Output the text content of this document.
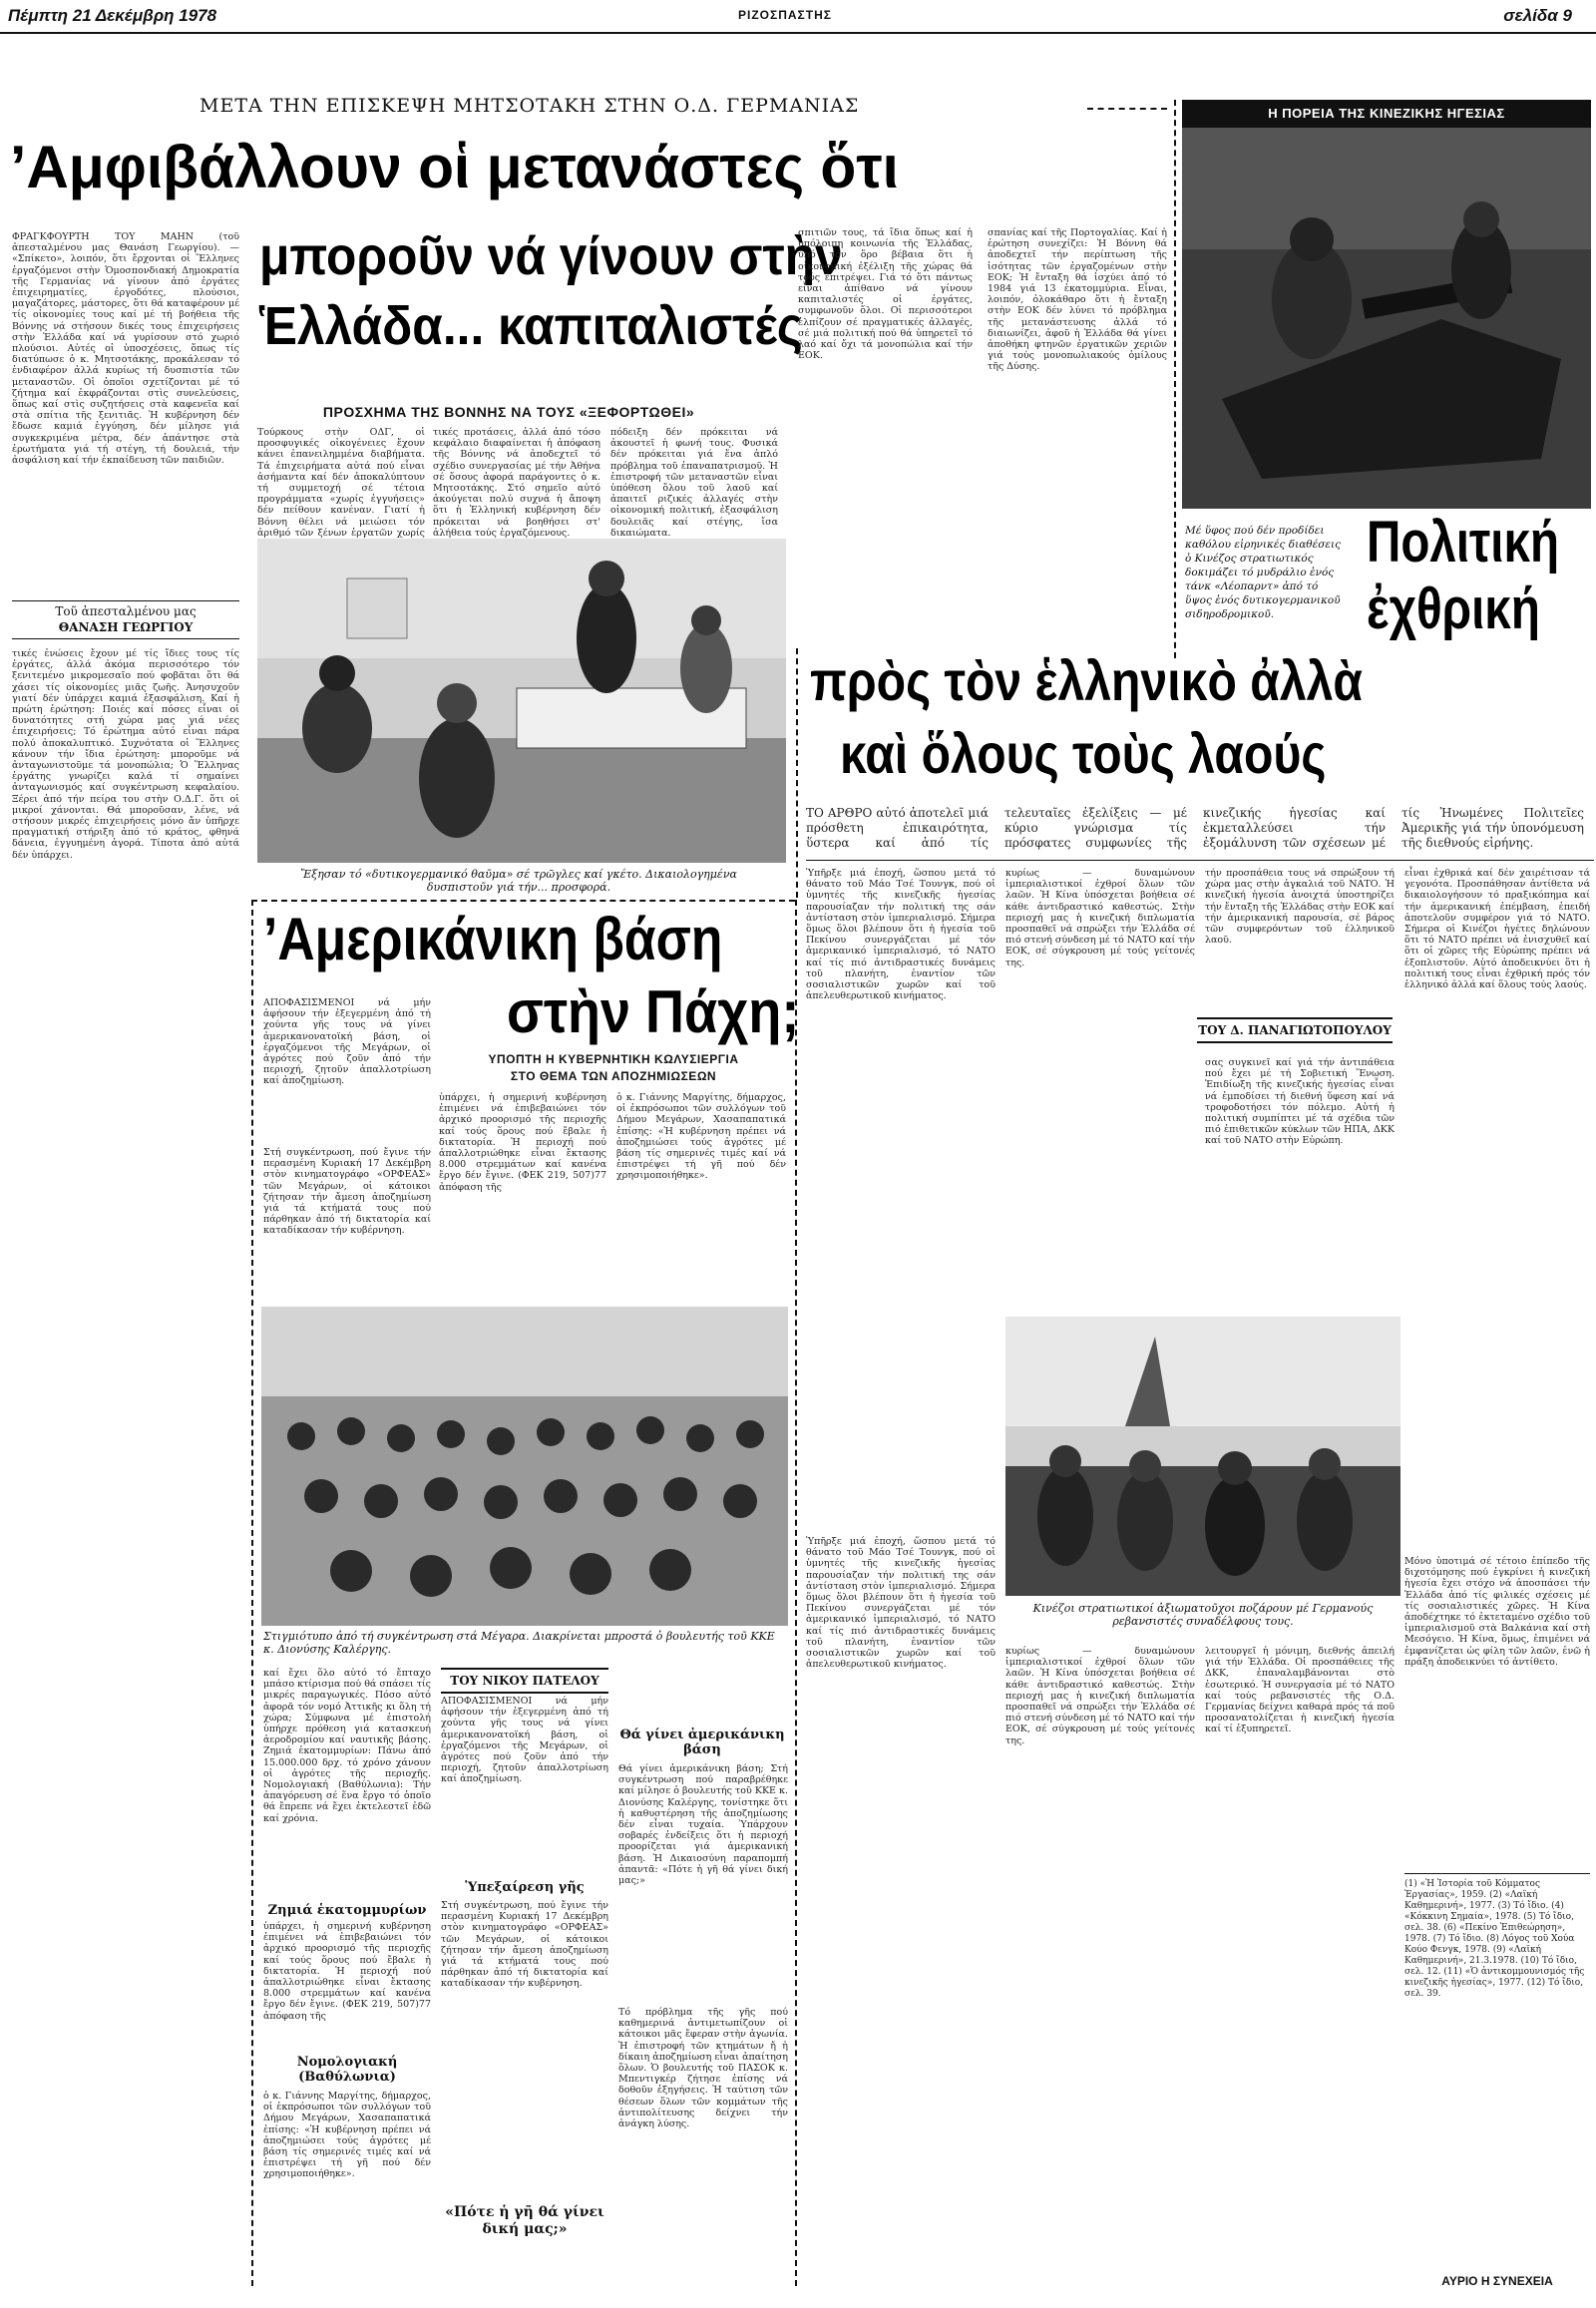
Πέμπτη 21 Δεκέμβρη 1978	ΡΙΖΟΣΠΑΣΤΗΣ	σελίδα 9
ΜΕΤΑ ΤΗΝ ΕΠΙΣΚΕΨΗ ΜΗΤΣΟΤΑΚΗ ΣΤΗΝ Ο.Δ. ΓΕΡΜΑΝΙΑΣ
’Αμφιβάλλουν οἱ μετανάστες ὅτι
μποροῦν νά γίνουν στὴν
Ἑλλάδα... καπιταλιστές
ΠΡΟΣΧΗΜΑ ΤΗΣ ΒΟΝΝΗΣ ΝΑ ΤΟΥΣ «ΞΕΦΟΡΤΩΘΕΙ»
ΦΡΑΓΚΦΟΥΡΤΗ ΤΟΥ ΜΑΗΝ (τοῦ ἀπεσταλμένου μας Θανάση Γεωργίου). — «Σπίκετο», λοιπόν, ὅτι ἔρχονται οἱ Ἕλληνες ἐργαζόμενοι στὴν Ὁμοσπονδιακή Δημοκρατία τῆς Γερμανίας νά γίνουν ἀπό ἐργάτες ἐπιχειρηματίες, ἐργοδότες, πλούσιοι, μαγαζάτορες, μάστορες, ὅτι θά καταφέρουν μέ τίς οἰκονομίες τους καί μέ τή βοήθεια τῆς Βόννης νά στήσουν δικές τους ἐπιχειρήσεις στὴν Ἑλλάδα καί νά γυρίσουν στό χωριό πλούσιοι. Αὐτές οἱ ὑποσχέσεις, ὅπως τίς διατύπωσε ὁ κ. Μητσοτάκης, προκάλεσαν τό ἐνδιαφέρον ἀλλά κυρίως τή δυσπιστία τῶν μεταναστῶν. Οἱ ὁποῖοι σχετίζονται μέ τό ζήτημα καί ἐκφράζονται στὶς συνελεύσεις, ὅπως καί στὶς συζητήσεις στὰ καφενεῖα καί στὰ σπίτια τῆς ξενιτιᾶς. Ἡ κυβέρνηση δέν ἔδωσε καμιά ἐγγύηση, δέν μίλησε γιά συγκεκριμένα μέτρα, δέν ἀπάντησε στὰ ἐρωτήματα γιά τή στέγη, τή δουλειά, τήν ἀσφάλιση καί τήν ἐκπαίδευση τῶν παιδιῶν.
Τοῦ ἀπεσταλμένου μας
ΘΑΝΑΣΗ ΓΕΩΡΓΙΟΥ
τικές ἐνώσεις ἔχουν μέ τίς ἴδιες τους τίς ἐργάτες, ἀλλά ἀκόμα περισσότερο τόν ξενιτεμένο μικρομεσαῖο πού φοβᾶται ὅτι θά χάσει τίς οἰκονομίες μιᾶς ζωῆς. Ἀνησυχοῦν γιατί δέν ὑπάρχει καμιά ἐξασφάλιση. Καί ἡ πρώτη ἐρώτηση: Ποιές καί πόσες εἶναι οἱ δυνατότητες στή χώρα μας γιά νέες ἐπιχειρήσεις; Τό ἐρώτημα αὐτό εἶναι πάρα πολύ ἀποκαλυπτικό. Συχνότατα οἱ Ἕλληνες κάνουν τήν ἴδια ἐρώτηση: μποροῦμε νά ἀνταγωνιστοῦμε τά μονοπώλια; Ὁ Ἕλληνας ἐργάτης γνωρίζει καλά τί σημαίνει ἀνταγωνισμός καί συγκέντρωση κεφαλαίου. Ξέρει ἀπό τήν πείρα του στὴν Ο.Δ.Γ. ὅτι οἱ μικροί χάνονται. Θά μποροῦσαν, λένε, νά στήσουν μικρές ἐπιχειρήσεις μόνο ἄν ὑπῆρχε πραγματική στήριξη ἀπό τό κράτος, φθηνά δάνεια, ἐγγυημένη ἀγορά. Τίποτα ἀπό αὐτά δέν ὑπάρχει.
Τούρκους στὴν ΟΔΓ, οἱ προσφυγικές οἰκογένειες ἔχουν κάνει ἐπανειλημμένα διαβήματα. Τά ἐπιχειρήματα αὐτά πού εἶναι ἀσήμαντα καί δέν ἀποκαλύπτουν τή συμμετοχή σέ τέτοια προγράμματα «χωρίς ἐγγυήσεις» δέν πείθουν κανέναν. Γιατί ἡ Βόννη θέλει νά μειώσει τόν ἀριθμό τῶν ξένων ἐργατῶν χωρίς
τικές προτάσεις, ἀλλά ἀπό τόσο κεφάλαιο διαφαίνεται ἡ ἀπόφαση τῆς Βόννης νά ἀποδεχτεῖ τό σχέδιο συνεργασίας μέ τήν Ἀθήνα σέ ὅσους ἀφορά παράγοντες ὁ κ. Μητσοτάκης. Στό σημεῖο αὐτό ἀκούγεται πολύ συχνά ἡ ἄποψη ὅτι ἡ Ἑλληνική κυβέρνηση δέν πρόκειται νά βοηθήσει στ' ἀλήθεια τούς ἐργαζόμενους.
πόδειξη δέν πρόκειται νά ἀκουστεῖ ἡ φωνή τους. Φυσικά δέν πρόκειται γιά ἕνα ἀπλό πρόβλημα τοῦ ἐπαναπατρισμοῦ. Ἡ ἐπιστροφή τῶν μεταναστῶν εἶναι ὑπόθεση ὅλου τοῦ λαοῦ καί ἀπαιτεῖ ριζικές ἀλλαγές στὴν οἰκονομική πολιτική, ἐξασφάλιση δουλειᾶς καί στέγης, ἴσα δικαιώματα.
σπιτιῶν τους, τά ἴδια ὅπως καί ἡ ὑπόλοιπη κοινωνία τῆς Ἑλλάδας, ὑπό τόν ὅρο βέβαια ὅτι ἡ οἰκονομική ἐξέλιξη τῆς χώρας θά τούς ἐπιτρέψει. Γιά τό ὅτι πάντως εἶναι ἀπίθανο νά γίνουν καπιταλιστές οἱ ἐργάτες, συμφωνοῦν ὅλοι. Οἱ περισσότεροι ἐλπίζουν σέ πραγματικές ἀλλαγές, σέ μιά πολιτική πού θά ὑπηρετεῖ τό λαό καί ὄχι τά μονοπώλια καί τήν ΕΟΚ.
σπανίας καί τῆς Πορτογαλίας. Καί ἡ ἐρώτηση συνεχίζει: Ἡ Βόννη θά ἀποδεχτεῖ τήν περίπτωση τῆς ἰσότητας τῶν ἐργαζομένων στὴν ΕΟΚ; Ἡ ἔνταξη θά ἰσχύει ἀπό τό 1984 γιά 13 ἑκατομμύρια. Εἶναι, λοιπόν, ὀλοκάθαρο ὅτι ἡ ἔνταξη στὴν ΕΟΚ δέν λύνει τό πρόβλημα τῆς μετανάστευσης ἀλλά τό διαιωνίζει, ἀφοῦ ἡ Ἑλλάδα θά γίνει ἀποθήκη φτηνῶν ἐργατικῶν χεριῶν γιά τούς μονοπωλιακούς ὁμίλους τῆς Δύσης.
Ἔξησαν τό «δυτικογερμανικό θαῦμα» σέ τρῶγλες καί γκέτο. Δικαιολογημένα δυσπιστοῦν γιά τήν... προσφορά.
Η ΠΟΡΕΙΑ ΤΗΣ ΚΙΝΕΖΙΚΗΣ ΗΓΕΣΙΑΣ
Μέ ὕφος πού δέν προδίδει καθόλου εἰρηνικές διαθέσεις ὁ Κινέζος στρατιωτικός δοκιμάζει τό μυδράλιο ἑνός τάνκ «Λέοπαρντ» ἀπό τό ὕψος ἑνός δυτικογερμανικοῦ σιδηροδρομικοῦ.
Πολιτική
ἐχθρική
πρὸς τὸν ἑλληνικὸ ἀλλὰ
καὶ ὅλους τοὺς λαούς
ΤΟ ΑΡΘΡΟ αὐτό ἀποτελεῖ μιά πρόσθετη ἐπικαιρότητα, ὕστερα καί ἀπό τίς τελευταῖες ἐξελίξεις — μέ κύριο γνώρισμα τίς πρόσφατες συμφωνίες τῆς κινεζικής ἡγεσίας καί ἐκμεταλλεύσει τήν ἐξομάλυνση τῶν σχέσεων μέ τίς Ἡνωμένες Πολιτεῖες Ἀμερικῆς γιά τήν ὑπονόμευση τῆς διεθνούς εἰρήνης.
Ὑπῆρξε μιά ἐποχή, ὥσπου μετά τό θάνατο τοῦ Μάο Τσέ Τουνγκ, πού οἱ ὑμνητές τῆς κινεζικῆς ἡγεσίας παρουσίαζαν τήν πολιτική της σάν ἀντίσταση στὸν ἰμπεριαλισμό. Σήμερα ὅμως ὅλοι βλέπουν ὅτι ἡ ἡγεσία τοῦ Πεκίνου συνεργάζεται μέ τόν ἀμερικανικό ἰμπεριαλισμό, τό ΝΑΤΟ καί τίς πιό ἀντιδραστικές δυνάμεις τοῦ πλανήτη, ἐναντίον τῶν σοσιαλιστικῶν χωρῶν καί τοῦ ἀπελευθερωτικοῦ κινήματος.
κυρίως — δυναμώνουν ἰμπεριαλιστικοί ἐχθροί ὅλων τῶν λαῶν. Ἡ Κίνα ὑπόσχεται βοήθεια σέ κάθε ἀντιδραστικό καθεστώς. Στὴν περιοχή μας ἡ κινεζική διπλωματία προσπαθεῖ νά σπρώξει τήν Ἑλλάδα σέ πιό στενή σύνδεση μέ τό ΝΑΤΟ καί τήν ΕΟΚ, σέ σύγκρουση μέ τούς γείτονές της.
τήν προσπάθεια τους νά σπρώξουν τή χώρα μας στὴν ἀγκαλιά τοῦ ΝΑΤΟ. Ἡ κινεζική ἡγεσία ἀνοιχτά ὑποστηρίζει τήν ἔνταξη τῆς Ἑλλάδας στὴν ΕΟΚ καί τήν ἀμερικανική παρουσία, σέ βάρος τῶν συμφερόντων τοῦ ἑλληνικοῦ λαοῦ.
ΤΟΥ Δ. ΠΑΝΑΓΙΩΤΟΠΟΥΛΟΥ
Κινέζοι στρατιωτικοί ἀξιωματοῦχοι ποζάρουν μέ Γερμανούς ρεβανσιστές συναδέλφους τους.
εἶναι ἐχθρικά καί δέν χαιρέτισαν τά γεγονότα. Προσπάθησαν ἀντίθετα νά δικαιολογήσουν τό πραξικόπημα καί τήν ἀμερικανική ἐπέμβαση, ἐπειδή ἀποτελοῦν συμφέρον γιά τό ΝΑΤΟ. Σήμερα οἱ Κινέζοι ἡγέτες δηλώνουν ὅτι τό ΝΑΤΟ πρέπει νά ἐνισχυθεῖ καί ὅτι οἱ χῶρες τῆς Εὐρώπης πρέπει νά ἐξοπλιστοῦν. Αὐτό ἀποδεικνύει ὅτι ἡ πολιτική τους εἶναι ἐχθρική πρός τόν ἑλληνικό ἀλλά καί ὅλους τούς λαούς.
Μόνο ὑποτιμά σέ τέτοιο ἐπίπεδο τῆς διχοτόμησης πού ἐγκρίνει ἡ κινεζική ἡγεσία ἔχει στόχο νά ἀποσπάσει τήν Ἑλλάδα ἀπό τίς φιλικές σχέσεις μέ τίς σοσιαλιστικές χῶρες. Ἡ Κίνα ἀποδέχτηκε τό ἐκτεταμένο σχέδιο τοῦ ἰμπεριαλισμοῦ στὰ Βαλκάνια καί στὴ Μεσόγειο. Ἡ Κίνα, ὅμως, ἐπιμένει νά ἐμφανίζεται ὡς φίλη τῶν λαῶν, ἐνῶ ἡ πράξη ἀποδεικνύει τό ἀντίθετο.
σας συγκινεῖ καί γιά τήν ἀντιπάθεια πού ἔχει μέ τή Σοβιετική Ἕνωση. Ἐπιδίωξη τῆς κινεζικής ἡγεσίας εἶναι νά ἐμποδίσει τή διεθνή ὕφεση καί νά τροφοδοτήσει τόν πόλεμο. Αὐτή ἡ πολιτική συμπίπτει μέ τά σχέδια τῶν πιό ἐπιθετικῶν κύκλων τῶν ΗΠΑ, ΔΚΚ καί τοῦ ΝΑΤΟ στὴν Εὐρώπη.
λειτουργεῖ ἡ μόνιμη, διεθνής ἀπειλή γιά τήν Ἑλλάδα. Οἱ προσπάθειες τῆς ΔΚΚ, ἐπαναλαμβάνονται στὸ ἐσωτερικό. Ἡ συνεργασία μέ τό ΝΑΤΟ καί τούς ρεβανσιστές τῆς Ο.Δ. Γερμανίας δείχνει καθαρά πρός τά ποῦ προσανατολίζεται ἡ κινεζική ἡγεσία καί τί ἐξυπηρετεῖ.
κυρίως — δυναμώνουν ἰμπεριαλιστικοί ἐχθροί ὅλων τῶν λαῶν. Ἡ Κίνα ὑπόσχεται βοήθεια σέ κάθε ἀντιδραστικό καθεστώς. Στὴν περιοχή μας ἡ κινεζική διπλωματία προσπαθεῖ νά σπρώξει τήν Ἑλλάδα σέ πιό στενή σύνδεση μέ τό ΝΑΤΟ καί τήν ΕΟΚ, σέ σύγκρουση μέ τούς γείτονές της.
Ὑπῆρξε μιά ἐποχή, ὥσπου μετά τό θάνατο τοῦ Μάο Τσέ Τουνγκ, πού οἱ ὑμνητές τῆς κινεζικῆς ἡγεσίας παρουσίαζαν τήν πολιτική της σάν ἀντίσταση στὸν ἰμπεριαλισμό. Σήμερα ὅμως ὅλοι βλέπουν ὅτι ἡ ἡγεσία τοῦ Πεκίνου συνεργάζεται μέ τόν ἀμερικανικό ἰμπεριαλισμό, τό ΝΑΤΟ καί τίς πιό ἀντιδραστικές δυνάμεις τοῦ πλανήτη, ἐναντίον τῶν σοσιαλιστικῶν χωρῶν καί τοῦ ἀπελευθερωτικοῦ κινήματος.
(1) «Ἡ Ἰστορία τοῦ Κόμματος Ἐργασίας», 1959. (2) «Λαϊκή Καθημερινή», 1977. (3) Τό ἴδιο. (4) «Κόκκινη Σημαία», 1978. (5) Τό ἴδιο, σελ. 38. (6) «Πεκίνο Ἐπιθεώρηση», 1978. (7) Τό ἴδιο. (8) Λόγος τοῦ Χούα Κούο Φενγκ, 1978. (9) «Λαϊκή Καθημερινή», 21.3.1978. (10) Τό ἴδιο, σελ. 12. (11) «Ὁ ἀντικομμουνισμός τῆς κινεζικῆς ἡγεσίας», 1977. (12) Τό ἴδιο, σελ. 39.
ΑΥΡΙΟ Η ΣΥΝΕΧΕΙΑ
’Αμερικάνικη βάση
στὴν Πάχη;
ΥΠΟΠΤΗ Η ΚΥΒΕΡΝΗΤΙΚΗ ΚΩΛΥΣΙΕΡΓΙΑ
ΣΤΟ ΘΕΜΑ ΤΩΝ ΑΠΟΖΗΜΙΩΣΕΩΝ
ΑΠΟΦΑΣΙΣΜΕΝΟΙ νά μήν ἀφήσουν τήν ἐξεγερμένη ἀπό τή χούντα γῆς τους νά γίνει ἀμερικανονατοϊκή βάση, οἱ ἐργαζόμενοι τῆς Μεγάρων, οἱ ἀγρότες πού ζοῦν ἀπό τήν περιοχή, ζητοῦν ἀπαλλοτρίωση καί ἀποζημίωση.
Στή συγκέντρωση, πού ἔγινε τήν περασμένη Κυριακή 17 Δεκέμβρη στὸν κινηματογράφο «ΟΡΦΕΑΣ» τῶν Μεγάρων, οἱ κάτοικοι ζήτησαν τήν ἄμεση ἀποζημίωση γιά τά κτήματά τους πού πάρθηκαν ἀπό τή δικτατορία καί καταδίκασαν τήν κυβέρνηση.
ὑπάρχει, ἡ σημερινή κυβέρνηση ἐπιμένει νά ἐπιβεβαιώνει τόν ἀρχικό προορισμό τῆς περιοχῆς καί τούς ὅρους πού ἔβαλε ἡ δικτατορία. Ἡ περιοχή πού ἀπαλλοτριώθηκε εἶναι ἔκτασης 8.000 στρεμμάτων καί κανένα ἔργο δέν ἔγινε. (ΦΕΚ 219, 507)77 ἀπόφαση τῆς
ὁ κ. Γιάννης Μαργίτης, δήμαρχος, οἱ ἐκπρόσωποι τῶν συλλόγων τοῦ Δήμου Μεγάρων, Χασαπαπατικά ἐπίσης: «Ἡ κυβέρνηση πρέπει νά ἀποζημιώσει τούς ἀγρότες μέ βάση τίς σημερινές τιμές καί νά ἐπιστρέψει τή γῆ πού δέν χρησιμοποιήθηκε».
Στιγμιότυπο ἀπό τή συγκέντρωση στά Μέγαρα. Διακρίνεται μπροστά ὁ βουλευτής τοῦ ΚΚΕ κ. Διονύσης Καλέργης.
καί ἔχει ὅλο αὐτό τό ἔπταχο μπάσο κτίρισμα πού θά σπάσει τίς μικρές παραγωγικές. Πόσο αὐτό ἀφορᾶ τόν νομό Ἀττικῆς κι ὅλη τή χώρα; Σύμφωνα μέ ἐπιστολή ὑπήρχε πρόθεση γιά κατασκευή ἀεροδρομίου καί ναυτικῆς βάσης. Ζημιά ἑκατομμυρίων: Πάνω ἀπό 15.000.000 δρχ. τό χρόνο χάνουν οἱ ἀγρότες τῆς περιοχῆς. Νομολογιακή (Βαθύλωνια): Τήν ἀπαγόρευση σέ ἕνα ἔργο τό ὁποῖο θά ἔπρεπε νά ἔχει ἐκτελεστεῖ ἐδῶ καί χρόνια.
Ζημιά ἑκατομμυρίων
ὑπάρχει, ἡ σημερινή κυβέρνηση ἐπιμένει νά ἐπιβεβαιώνει τόν ἀρχικό προορισμό τῆς περιοχῆς καί τούς ὅρους πού ἔβαλε ἡ δικτατορία. Ἡ περιοχή πού ἀπαλλοτριώθηκε εἶναι ἔκτασης 8.000 στρεμμάτων καί κανένα ἔργο δέν ἔγινε. (ΦΕΚ 219, 507)77 ἀπόφαση τῆς
Νομολογιακή (Βαθύλωνια)
ὁ κ. Γιάννης Μαργίτης, δήμαρχος, οἱ ἐκπρόσωποι τῶν συλλόγων τοῦ Δήμου Μεγάρων, Χασαπαπατικά ἐπίσης: «Ἡ κυβέρνηση πρέπει νά ἀποζημιώσει τούς ἀγρότες μέ βάση τίς σημερινές τιμές καί νά ἐπιστρέψει τή γῆ πού δέν χρησιμοποιήθηκε».
ΤΟΥ ΝΙΚΟΥ ΠΑΤΕΛΟΥ
ΑΠΟΦΑΣΙΣΜΕΝΟΙ νά μήν ἀφήσουν τήν ἐξεγερμένη ἀπό τή χούντα γῆς τους νά γίνει ἀμερικανονατοϊκή βάση, οἱ ἐργαζόμενοι τῆς Μεγάρων, οἱ ἀγρότες πού ζοῦν ἀπό τήν περιοχή, ζητοῦν ἀπαλλοτρίωση καί ἀποζημίωση.
Ὑπεξαίρεση γῆς
Στή συγκέντρωση, πού ἔγινε τήν περασμένη Κυριακή 17 Δεκέμβρη στὸν κινηματογράφο «ΟΡΦΕΑΣ» τῶν Μεγάρων, οἱ κάτοικοι ζήτησαν τήν ἄμεση ἀποζημίωση γιά τά κτήματά τους πού πάρθηκαν ἀπό τή δικτατορία καί καταδίκασαν τήν κυβέρνηση.
«Πότε ἡ γῆ θά γίνει δική μας;»
Θά γίνει ἀμερικάνικη βάση
Θά γίνει ἀμερικάνικη βάση; Στή συγκέντρωση πού παραβρέθηκε καί μίλησε ὁ βουλευτής τοῦ ΚΚΕ κ. Διονύσης Καλέργης, τονίστηκε ὅτι ἡ καθυστέρηση τῆς ἀποζημίωσης δέν εἶναι τυχαία. Ὑπάρχουν σοβαρές ἐνδείξεις ὅτι ἡ περιοχή προορίζεται γιά ἀμερικανική βάση. Ἡ Δικαιοσύνη παραπομπή ἀπαντᾶ: «Πότε ἡ γῆ θά γίνει δική μας;»
Τό πρόβλημα τῆς γῆς πού καθημερινά ἀντιμετωπίζουν οἱ κάτοικοι μᾶς ἔφεραν στὴν ἀγωνία. Ἡ ἐπιστροφή τῶν κτημάτων ἤ ἡ δίκαιη ἀποζημίωση εἶναι ἀπαίτηση ὅλων. Ὁ βουλευτής τοῦ ΠΑΣΟΚ κ. Μπεντιγκέρ ζήτησε ἐπίσης νά δοθοῦν ἐξηγήσεις. Ἡ ταύτιση τῶν θέσεων ὅλων τῶν κομμάτων τῆς ἀντιπολίτευσης δείχνει τήν ἀνάγκη λύσης.
